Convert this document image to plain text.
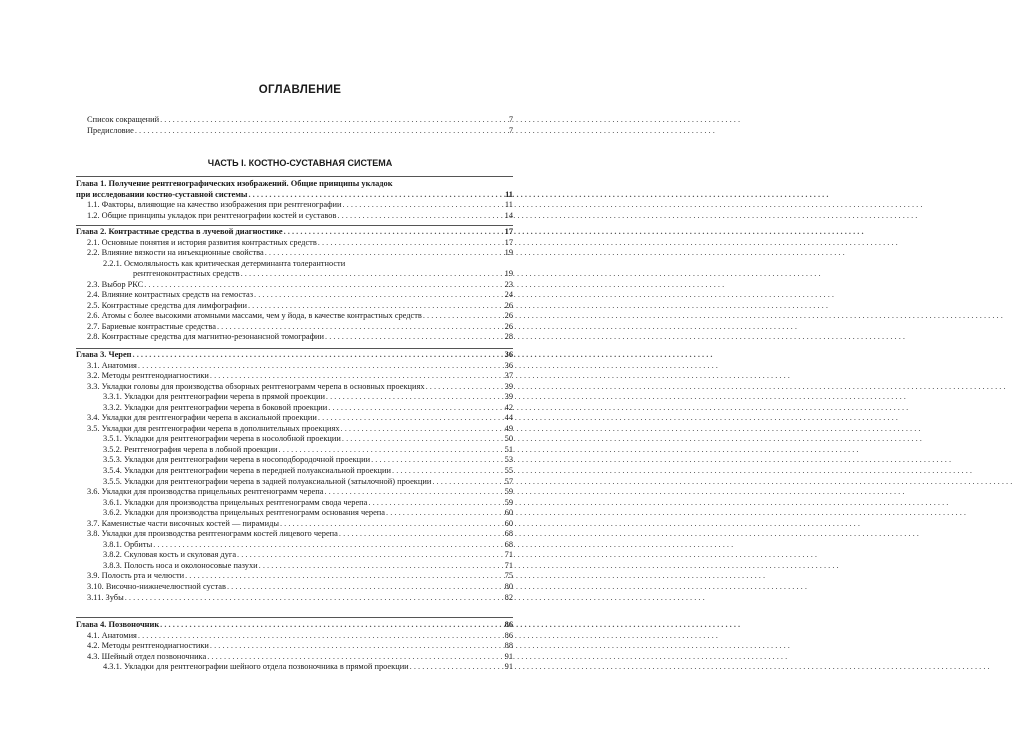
ОГЛАВЛЕНИЕ
Список сокращений . . .	7
Предисловие . . .	7
ЧАСТЬ I. КОСТНО-СУСТАВНАЯ СИСТЕМА
Глава 1. Получение рентгенографических изображений. Общие принципы укладок
при исследовании костно-суставной системы . . .	11
1.1. Факторы, влияющие на качество изображения при рентгенографии . . .	11
1.2. Общие принципы укладок при рентгенографии костей и суставов . . .	14
Глава 2. Контрастные средства в лучевой диагностике . . .	17
2.1. Основные понятия и история развития контрастных средств . . .	17
2.2. Влияние вязкости на инъекционные свойства . . .	19
2.2.1. Осмоляльность как критическая детерминанта толерантности
рентгеноконтрастных средств . . .	19
2.3. Выбор РКС . . .	23
2.4. Влияние контрастных средств на гемостаз . . .	24
2.5. Контрастные средства для лимфографии . . .	26
2.6. Атомы с более высокими атомными массами, чем у йода, в качестве контрастных средств . . .	26
2.7. Бариевые контрастные средства . . .	26
2.8. Контрастные средства для магнитно-резонансной томографии . . .	28
Глава 3. Череп . . .	36
3.1. Анатомия . . .	36
3.2. Методы рентгенодиагностики . . .	37
3.3. Укладки головы для производства обзорных рентгенограмм черепа в основных проекциях . . .	39
3.3.1. Укладки для рентгенографии черепа в прямой проекции . . .	39
3.3.2. Укладки для рентгенографии черепа в боковой проекции . . .	42
3.4. Укладки для рентгенографии черепа в аксиальной проекции . . .	44
3.5. Укладки для рентгенографии черепа в дополнительных проекциях . . .	49
3.5.1. Укладки для рентгенографии черепа в носолобной проекции . . .	50
3.5.2. Рентгенография черепа в лобной проекции . . .	51
3.5.3. Укладки для рентгенографии черепа в носоподбородочной проекции . . .	53
3.5.4. Укладки для рентгенографии черепа в передней полуаксиальной проекции . . .	55
3.5.5. Укладки для рентгенографии черепа в задней полуаксиальной (затылочной) проекции . . .	57
3.6. Укладки для производства прицельных рентгенограмм черепа . . .	59
3.6.1. Укладки для производства прицельных рентгенограмм свода черепа . . .	59
3.6.2. Укладки для производства прицельных рентгенограмм основания черепа . . .	60
3.7. Каменистые части височных костей — пирамиды . . .	60
3.8. Укладки для производства рентгенограмм костей лицевого черепа . . .	68
3.8.1. Орбиты . . .	68
3.8.2. Скуловая кость и скуловая дуга . . .	71
3.8.3. Полость носа и околоносовые пазухи . . .	71
3.9. Полость рта и челюсти . . .	75
3.10. Височно-нижнечелюстной сустав . . .	80
3.11. Зубы . . .	82
Глава 4. Позвоночник . . .	86
4.1. Анатомия . . .	86
4.2. Методы рентгенодиагностики . . .	88
4.3. Шейный отдел позвоночника . . .	91
4.3.1. Укладки для рентгенографии шейного отдела позвоночника в прямой проекции . . .	91
